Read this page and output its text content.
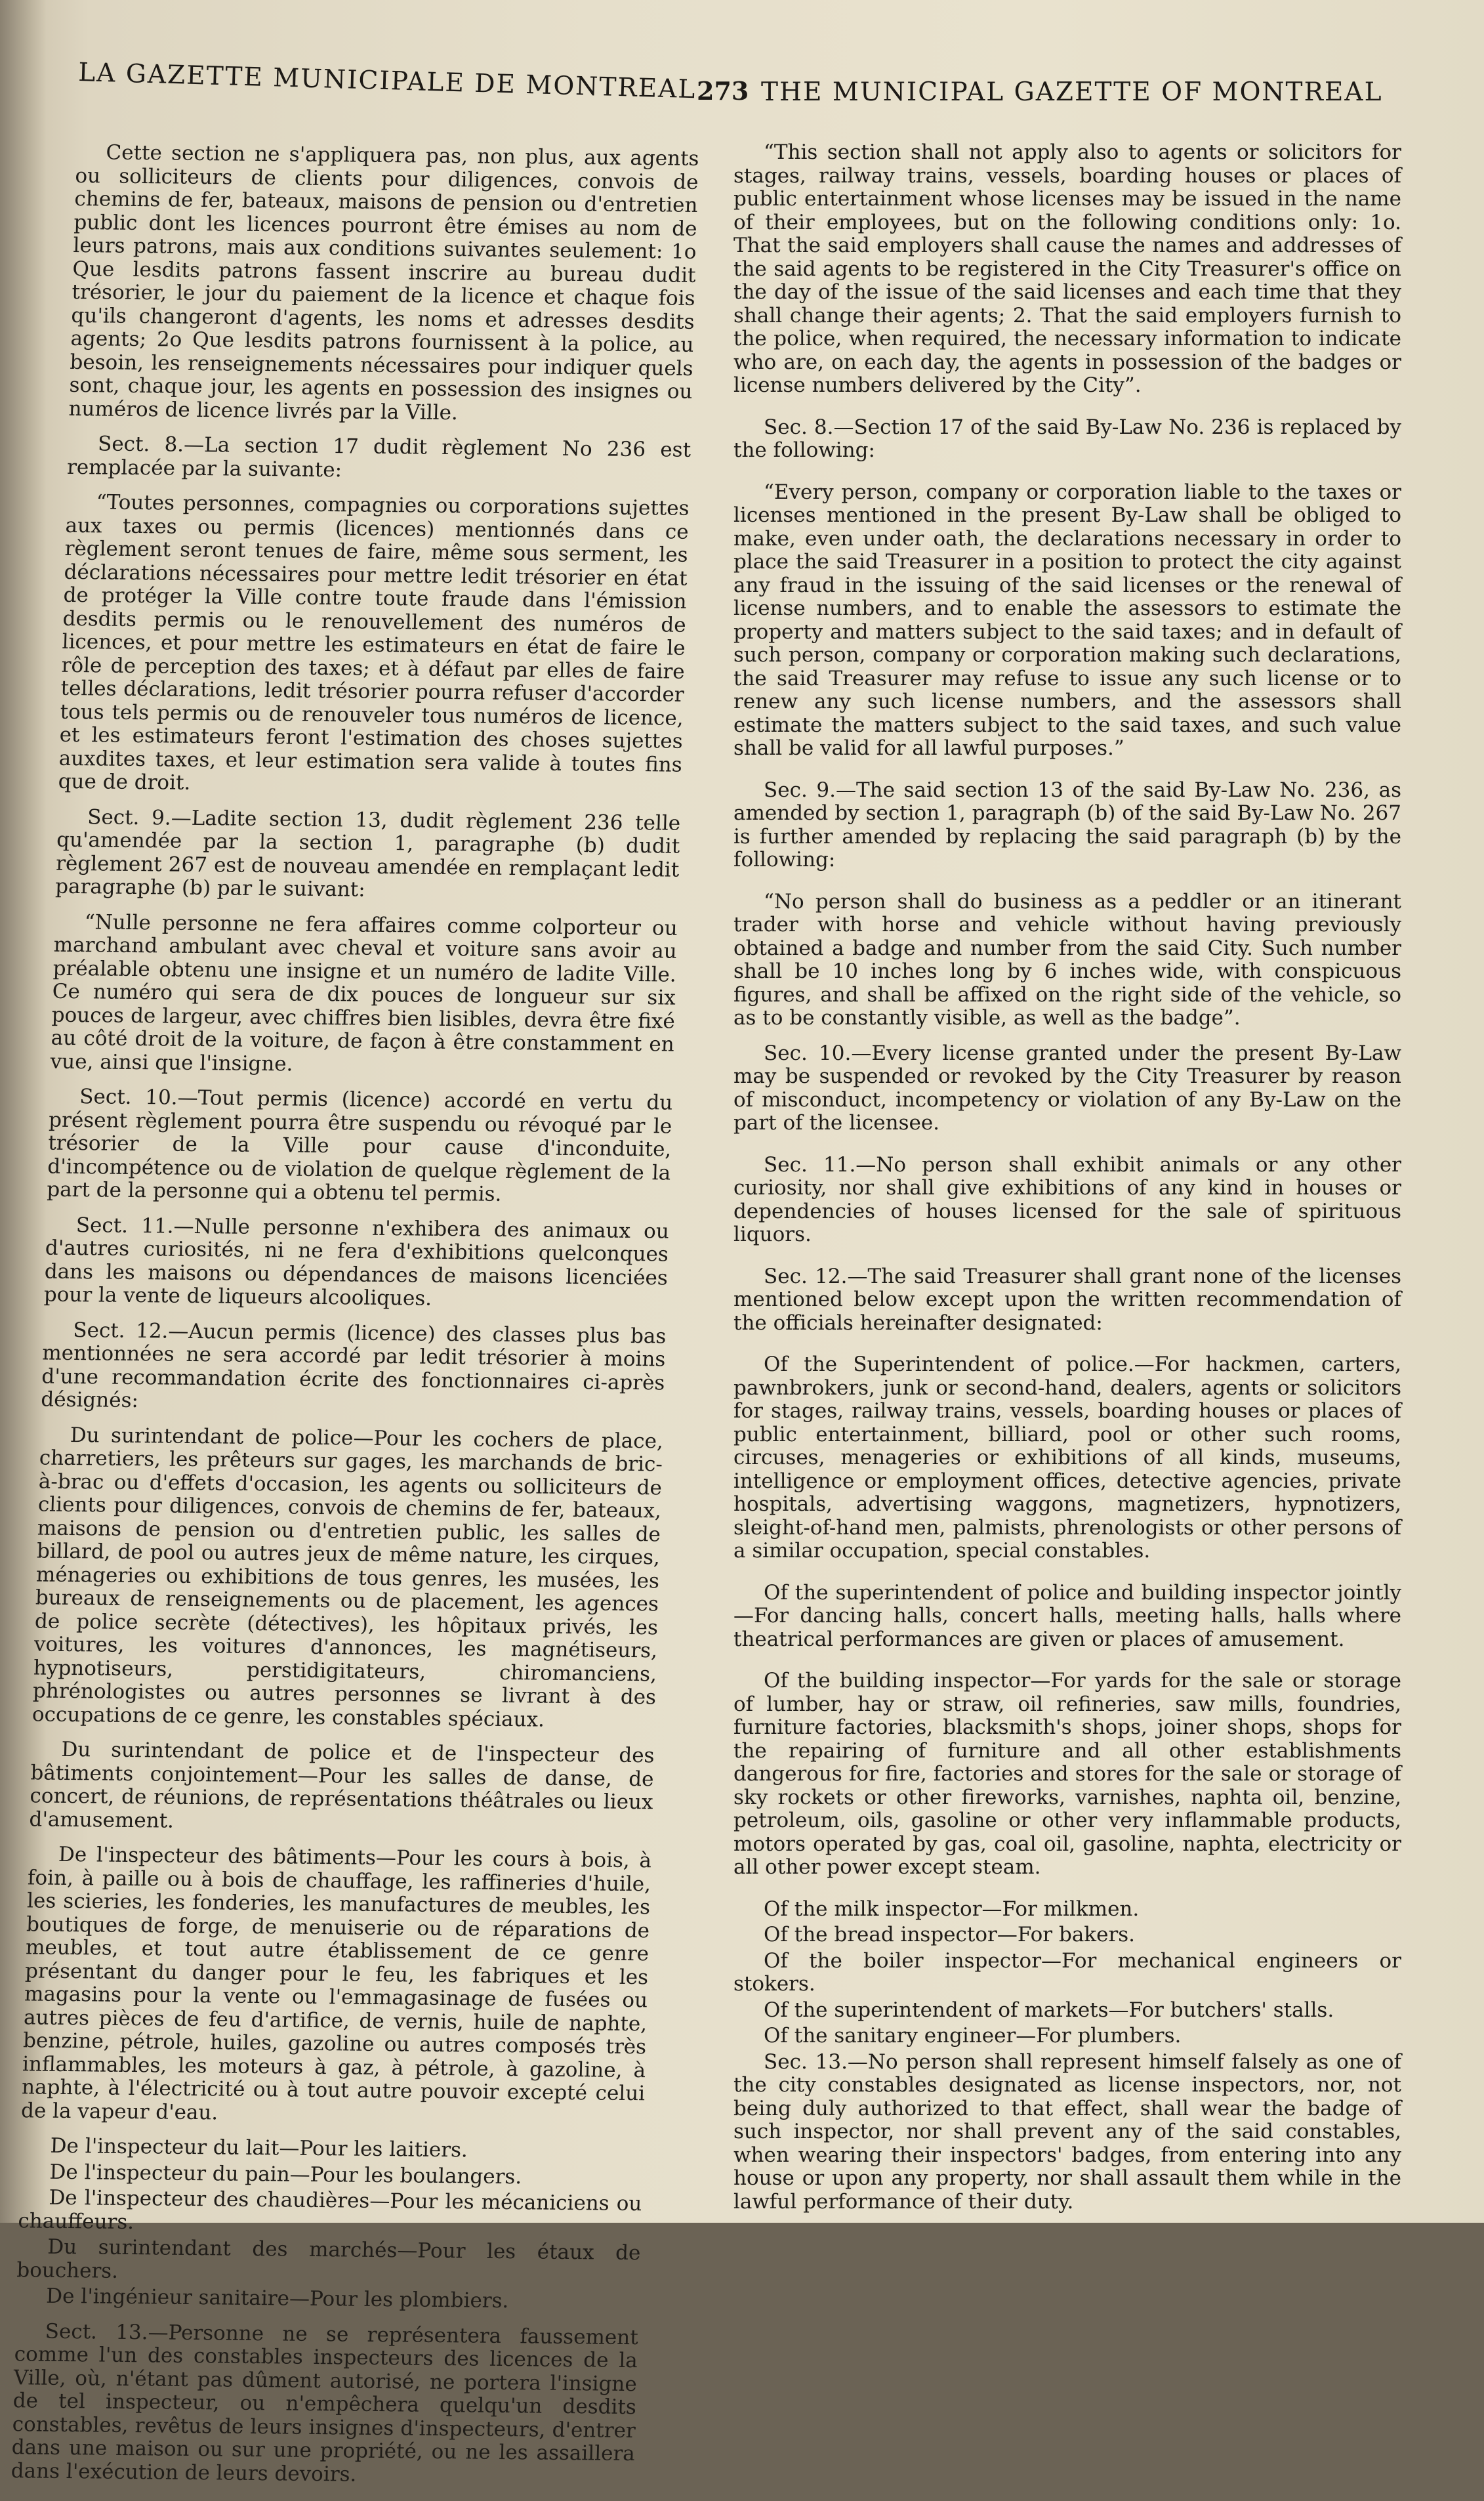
LA GAZETTE MUNICIPALE DE MONTREAL 273 THE MUNICIPAL GAZETTE OF MONTREAL

Cette section ne s'appliquera pas, non plus, aux agents ou solliciteurs de clients pour diligences, convois de chemins de fer, bateaux, maisons de pension ou d'entretien public dont les licences pourront être émises au nom de leurs patrons, mais aux conditions suivantes seulement: 1o Que lesdits patrons fassent inscrire au bureau dudit trésorier, le jour du paiement de la licence et chaque fois qu'ils changeront d'agents, les noms et adresses desdits agents; 2o Que lesdits patrons fournissent à la police, au besoin, les renseignements nécessaires pour indiquer quels sont, chaque jour, les agents en possession des insignes ou numéros de licence livrés par la Ville.

Sect. 8.—La section 17 dudit règlement No 236 est remplacée par la suivante:

“Toutes personnes, compagnies ou corporations sujettes aux taxes ou permis (licences) mentionnés dans ce règlement seront tenues de faire, même sous serment, les déclarations nécessaires pour mettre ledit trésorier en état de protéger la Ville contre toute fraude dans l'émission desdits permis ou le renouvellement des numéros de licences, et pour mettre les estimateurs en état de faire le rôle de perception des taxes; et à défaut par elles de faire telles déclarations, ledit trésorier pourra refuser d'accorder tous tels permis ou de renouveler tous numéros de licence, et les estimateurs feront l'estimation des choses sujettes auxdites taxes, et leur estimation sera valide à toutes fins que de droit.

Sect. 9.—Ladite section 13, dudit règlement 236 telle qu'amendée par la section 1, paragraphe (b) dudit règlement 267 est de nouveau amendée en remplaçant ledit paragraphe (b) par le suivant:

“Nulle personne ne fera affaires comme colporteur ou marchand ambulant avec cheval et voiture sans avoir au préalable obtenu une insigne et un numéro de ladite Ville. Ce numéro qui sera de dix pouces de longueur sur six pouces de largeur, avec chiffres bien lisibles, devra être fixé au côté droit de la voiture, de façon à être constamment en vue, ainsi que l'insigne.

Sect. 10.—Tout permis (licence) accordé en vertu du présent règlement pourra être suspendu ou révoqué par le trésorier de la Ville pour cause d'inconduite, d'incompétence ou de violation de quelque règlement de la part de la personne qui a obtenu tel permis.

Sect. 11.—Nulle personne n'exhibera des animaux ou d'autres curiosités, ni ne fera d'exhibitions quelconques dans les maisons ou dépendances de maisons licenciées pour la vente de liqueurs alcooliques.

Sect. 12.—Aucun permis (licence) des classes plus bas mentionnées ne sera accordé par ledit trésorier à moins d'une recommandation écrite des fonctionnaires ci-après désignés:

Du surintendant de police—Pour les cochers de place, charretiers, les prêteurs sur gages, les marchands de bric-à-brac ou d'effets d'occasion, les agents ou solliciteurs de clients pour diligences, convois de chemins de fer, bateaux, maisons de pension ou d'entretien public, les salles de billard, de pool ou autres jeux de même nature, les cirques, ménageries ou exhibitions de tous genres, les musées, les bureaux de renseignements ou de placement, les agences de police secrète (détectives), les hôpitaux privés, les voitures, les voitures d'annonces, les magnétiseurs, hypnotiseurs, perstidigitateurs, chiromanciens, phrénologistes ou autres personnes se livrant à des occupations de ce genre, les constables spéciaux.

Du surintendant de police et de l'inspecteur des bâtiments conjointement—Pour les salles de danse, de concert, de réunions, de représentations théâtrales ou lieux d'amusement.

De l'inspecteur des bâtiments—Pour les cours à bois, à foin, à paille ou à bois de chauffage, les raffineries d'huile, les scieries, les fonderies, les manufactures de meubles, les boutiques de forge, de menuiserie ou de réparations de meubles, et tout autre établissement de ce genre présentant du danger pour le feu, les fabriques et les magasins pour la vente ou l'emmagasinage de fusées ou autres pièces de feu d'artifice, de vernis, huile de naphte, benzine, pétrole, huiles, gazoline ou autres composés très inflammables, les moteurs à gaz, à pétrole, à gazoline, à naphte, à l'électricité ou à tout autre pouvoir excepté celui de la vapeur d'eau.

De l'inspecteur du lait—Pour les laitiers.

De l'inspecteur du pain—Pour les boulangers.

De l'inspecteur des chaudières—Pour les mécaniciens ou chauffeurs.

Du surintendant des marchés—Pour les étaux de bouchers.

De l'ingénieur sanitaire—Pour les plombiers.

Sect. 13.—Personne ne se représentera faussement comme l'un des constables inspecteurs des licences de la Ville, où, n'étant pas dûment autorisé, ne portera l'insigne de tel inspecteur, ou n'empêchera quelqu'un desdits constables, revêtus de leurs insignes d'inspecteurs, d'entrer dans une maison ou sur une propriété, ou ne les assaillera dans l'exécution de leurs devoirs.

“This section shall not apply also to agents or solicitors for stages, railway trains, vessels, boarding houses or places of public entertainment whose licenses may be issued in the name of their employees, but on the following conditions only: 1o. That the said employers shall cause the names and addresses of the said agents to be registered in the City Treasurer's office on the day of the issue of the said licenses and each time that they shall change their agents; 2. That the said employers furnish to the police, when required, the necessary information to indicate who are, on each day, the agents in possession of the badges or license numbers delivered by the City”.

Sec. 8.—Section 17 of the said By-Law No. 236 is replaced by the following:

“Every person, company or corporation liable to the taxes or licenses mentioned in the present By-Law shall be obliged to make, even under oath, the declarations necessary in order to place the said Treasurer in a position to protect the city against any fraud in the issuing of the said licenses or the renewal of license numbers, and to enable the assessors to estimate the property and matters subject to the said taxes; and in default of such person, company or corporation making such declarations, the said Treasurer may refuse to issue any such license or to renew any such license numbers, and the assessors shall estimate the matters subject to the said taxes, and such value shall be valid for all lawful purposes.”

Sec. 9.—The said section 13 of the said By-Law No. 236, as amended by section 1, paragraph (b) of the said By-Law No. 267 is further amended by replacing the said paragraph (b) by the following:

“No person shall do business as a peddler or an itinerant trader with horse and vehicle without having previously obtained a badge and number from the said City. Such number shall be 10 inches long by 6 inches wide, with conspicuous figures, and shall be affixed on the right side of the vehicle, so as to be constantly visible, as well as the badge”.

Sec. 10.—Every license granted under the present By-Law may be suspended or revoked by the City Treasurer by reason of misconduct, incompetency or violation of any By-Law on the part of the licensee.

Sec. 11.—No person shall exhibit animals or any other curiosity, nor shall give exhibitions of any kind in houses or dependencies of houses licensed for the sale of spirituous liquors.

Sec. 12.—The said Treasurer shall grant none of the licenses mentioned below except upon the written recommendation of the officials hereinafter designated:

Of the Superintendent of police.—For hackmen, carters, pawnbrokers, junk or second-hand, dealers, agents or solicitors for stages, railway trains, vessels, boarding houses or places of public entertainment, billiard, pool or other such rooms, circuses, menageries or exhibitions of all kinds, museums, intelligence or employment offices, detective agencies, private hospitals, advertising waggons, magnetizers, hypnotizers, sleight-of-hand men, palmists, phrenologists or other persons of a similar occupation, special constables.

Of the superintendent of police and building inspector jointly—For dancing halls, concert halls, meeting halls, halls where theatrical performances are given or places of amusement.

Of the building inspector—For yards for the sale or storage of lumber, hay or straw, oil refineries, saw mills, foundries, furniture factories, blacksmith's shops, joiner shops, shops for the repairing of furniture and all other establishments dangerous for fire, factories and stores for the sale or storage of sky rockets or other fireworks, varnishes, naphta oil, benzine, petroleum, oils, gasoline or other very inflammable products, motors operated by gas, coal oil, gasoline, naphta, electricity or all other power except steam.

Of the milk inspector—For milkmen.

Of the bread inspector—For bakers.

Of the boiler inspector—For mechanical engineers or stokers.

Of the superintendent of markets—For butchers' stalls.

Of the sanitary engineer—For plumbers.

Sec. 13.—No person shall represent himself falsely as one of the city constables designated as license inspectors, nor, not being duly authorized to that effect, shall wear the badge of such inspector, nor shall prevent any of the said constables, when wearing their inspectors' badges, from entering into any house or upon any property, nor shall assault them while in the lawful performance of their duty.
